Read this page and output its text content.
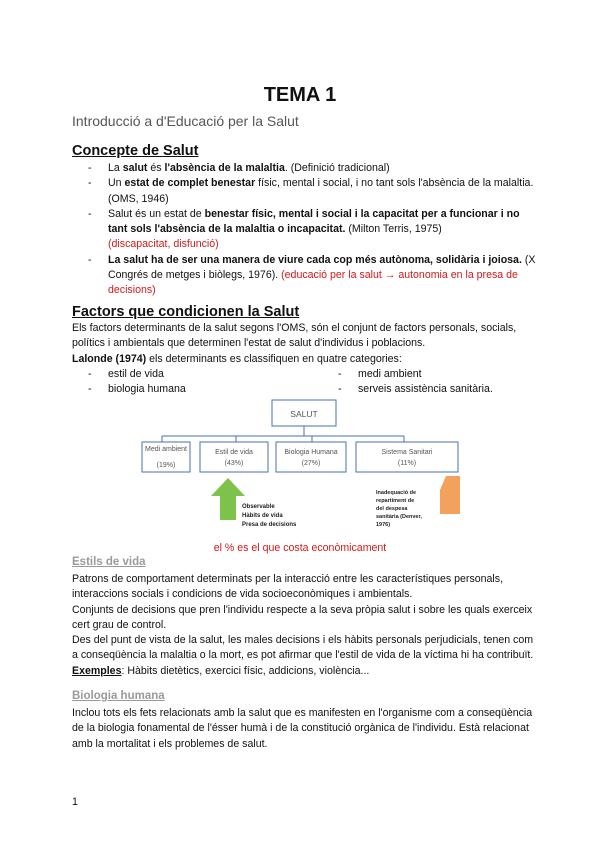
TEMA 1
Introducció a d'Educació per la Salut
Concepte de Salut
- La salut és l'absència de la malaltia. (Definició tradicional)
- Un estat de complet benestar físic, mental i social, i no tant sols l'absència de la malaltia. (OMS, 1946)
- Salut és un estat de benestar físic, mental i social i la capacitat per a funcionar i no tant sols l'absència de la malaltia o incapacitat. (Milton Terris, 1975)
(discapacitat, disfunció)
- La salut ha de ser una manera de viure cada cop més autònoma, solidària i joiosa. (X Congrés de metges i biòlegs, 1976). (educació per la salut → autonomia en la presa de decisions)
Factors que condicionen la Salut
Els factors determinants de la salut segons l'OMS, són el conjunt de factors personals, socials, polítics i ambientals que determinen l'estat de salut d'individus i poblacions.
Lalonde (1974) els determinants es classifiquen en quatre categories:
- estil de vida	- medi ambient
- biologia humana	- serveis assistència sanitària.
SALUT
Medi ambient
(19%)
Estil de vida
(43%)
Biologia Humana
(27%)
Sistema Sanitari
(11%)
Observable
Hàbits de vida
Presa de decisions
Inadequació de
repartiment de
del despesa
sanitària (Denver,
1976)
el % es el que costa econòmicament
Estils de vida
Patrons de comportament determinats per la interacció entre les característiques personals, interaccions socials i condicions de vida socioeconòmiques i ambientals.
Conjunts de decisions que pren l'individu respecte a la seva pròpia salut i sobre les quals exerceix cert grau de control.
Des del punt de vista de la salut, les males decisions i els hàbits personals perjudicials, tenen com a conseqüència la malaltia o la mort, es pot afirmar que l'estil de vida de la víctima hi ha contribuït.
Exemples: Hàbits dietètics, exercici físic, addicions, violència...
Biologia humana
Inclou tots els fets relacionats amb la salut que es manifesten en l'organisme com a conseqüència de la biologia fonamental de l'ésser humà i de la constitució orgànica de l'individu. Està relacionat amb la mortalitat i els problemes de salut.
1
